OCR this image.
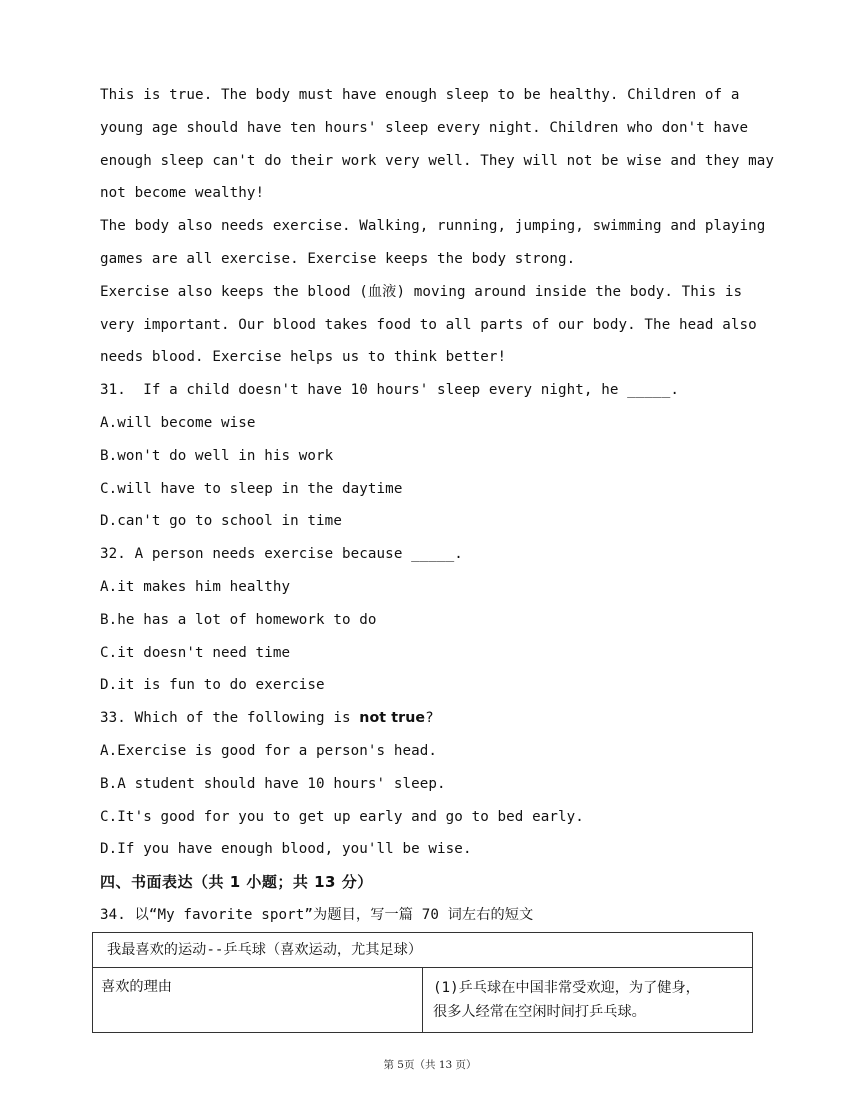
This is true. The body must have enough sleep to be healthy. Children of a
young age should have ten hours' sleep every night. Children who don't have
enough sleep can't do their work very well. They will not be wise and they may
not become wealthy!
The body also needs exercise. Walking, running, jumping, swimming and playing
games are all exercise. Exercise keeps the body strong.
Exercise also keeps the blood (血液) moving around inside the body. This is
very important. Our blood takes food to all parts of our body. The head also
needs blood. Exercise helps us to think better!
31.  If a child doesn't have 10 hours' sleep every night, he _____.
A.will become wise
B.won't do well in his work
C.will have to sleep in the daytime
D.can't go to school in time
32. A person needs exercise because _____.
A.it makes him healthy
B.he has a lot of homework to do
C.it doesn't need time
D.it is fun to do exercise
33. Which of the following is not true?
A.Exercise is good for a person's head.
B.A student should have 10 hours' sleep.
C.It's good for you to get up early and go to bed early.
D.If you have enough blood, you'll be wise.
四、书面表达（共 1 小题；共 13 分）
34. 以“My favorite sport”为题目，写一篇 70 词左右的短文
我最喜欢的运动--乒乓球（喜欢运动，尤其足球）
喜欢的理由	(1)乒乓球在中国非常受欢迎，为了健身，
很多人经常在空闲时间打乒乓球。
第 5页（共 13 页）
